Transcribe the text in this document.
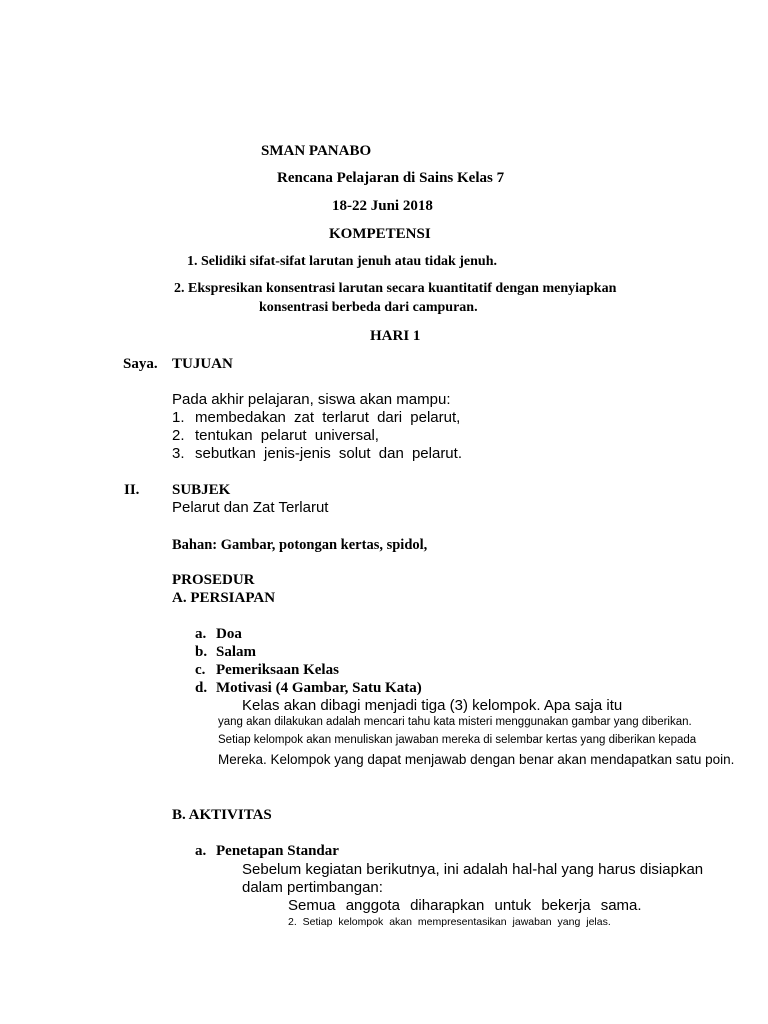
SMAN PANABO
Rencana Pelajaran di Sains Kelas 7
18-22 Juni 2018
KOMPETENSI
1. Selidiki sifat-sifat larutan jenuh atau tidak jenuh.
2. Ekspresikan konsentrasi larutan secara kuantitatif dengan menyiapkan
konsentrasi berbeda dari campuran.
HARI 1
Saya. TUJUAN
Pada akhir pelajaran, siswa akan mampu:
1. membedakan zat terlarut dari pelarut,
2. tentukan pelarut universal,
3. sebutkan jenis-jenis solut dan pelarut.
II. SUBJEK
Pelarut dan Zat Terlarut
Bahan: Gambar, potongan kertas, spidol,
PROSEDUR
A. PERSIAPAN
a. Doa
b. Salam
c. Pemeriksaan Kelas
d. Motivasi (4 Gambar, Satu Kata)
Kelas akan dibagi menjadi tiga (3) kelompok. Apa saja itu
yang akan dilakukan adalah mencari tahu kata misteri menggunakan gambar yang diberikan.
Setiap kelompok akan menuliskan jawaban mereka di selembar kertas yang diberikan kepada
Mereka. Kelompok yang dapat menjawab dengan benar akan mendapatkan satu poin.
B. AKTIVITAS
a. Penetapan Standar
Sebelum kegiatan berikutnya, ini adalah hal-hal yang harus disiapkan
dalam pertimbangan:
Semua anggota diharapkan untuk bekerja sama.
2. Setiap kelompok akan mempresentasikan jawaban yang jelas.
